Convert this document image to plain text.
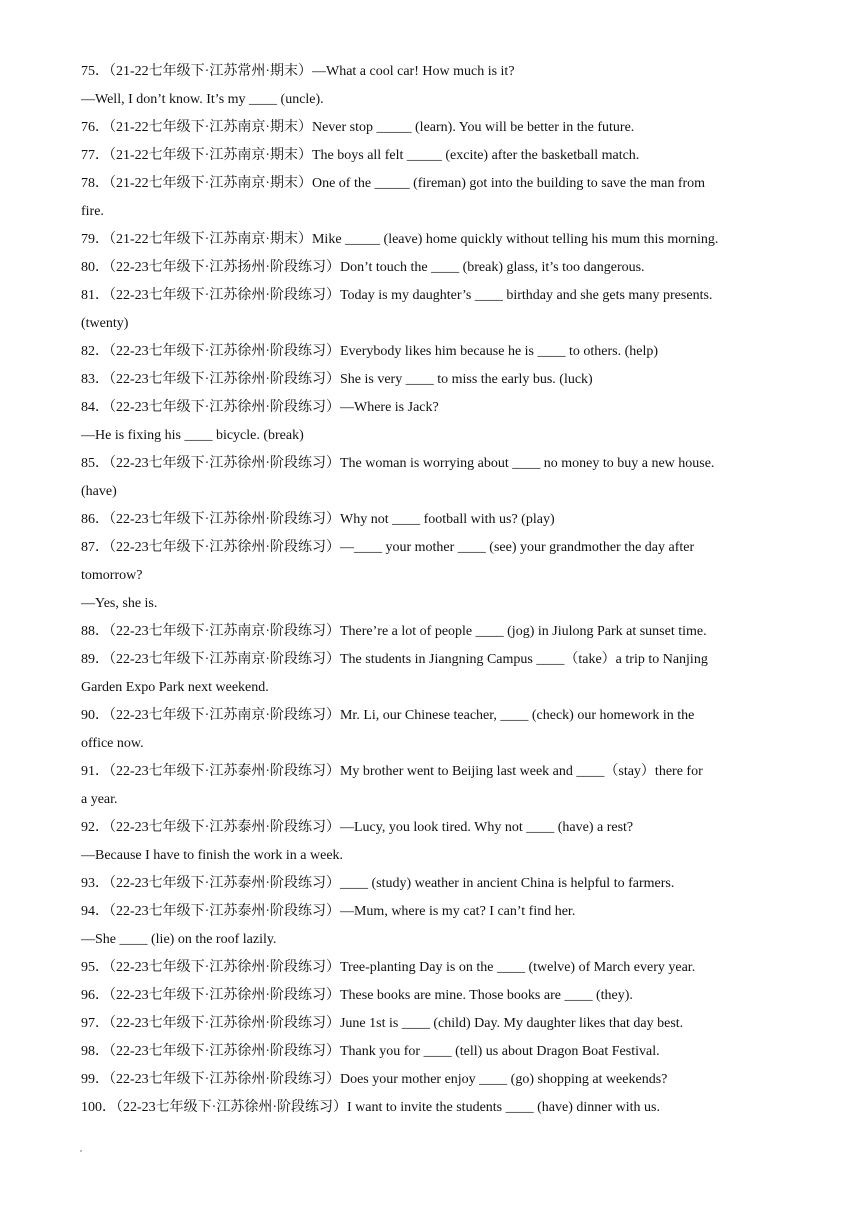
75．（21-22七年级下·江苏常州·期末）—What a cool car! How much is it?
—Well, I don’t know. It’s my ____ (uncle).
76．（21-22七年级下·江苏南京·期末）Never stop _____ (learn). You will be better in the future.
77．（21-22七年级下·江苏南京·期末）The boys all felt _____ (excite) after the basketball match.
78．（21-22七年级下·江苏南京·期末）One of the _____ (fireman) got into the building to save the man from
fire.
79．（21-22七年级下·江苏南京·期末）Mike _____ (leave) home quickly without telling his mum this morning.
80．（22-23七年级下·江苏扬州·阶段练习）Don’t touch the ____ (break) glass, it’s too dangerous.
81．（22-23七年级下·江苏徐州·阶段练习）Today is my daughter’s ____ birthday and she gets many presents.
(twenty)
82．（22-23七年级下·江苏徐州·阶段练习）Everybody likes him because he is ____ to others. (help)
83．（22-23七年级下·江苏徐州·阶段练习）She is very ____ to miss the early bus. (luck)
84．（22-23七年级下·江苏徐州·阶段练习）—Where is Jack?
—He is fixing his ____ bicycle. (break)
85．（22-23七年级下·江苏徐州·阶段练习）The woman is worrying about ____ no money to buy a new house.
(have)
86．（22-23七年级下·江苏徐州·阶段练习）Why not ____ football with us? (play)
87．（22-23七年级下·江苏徐州·阶段练习）—____ your mother ____ (see) your grandmother the day after
tomorrow?
—Yes, she is.
88．（22-23七年级下·江苏南京·阶段练习）There’re a lot of people ____ (jog) in Jiulong Park at sunset time.
89．（22-23七年级下·江苏南京·阶段练习）The students in Jiangning Campus ____（take）a trip to Nanjing
Garden Expo Park next weekend.
90．（22-23七年级下·江苏南京·阶段练习）Mr. Li, our Chinese teacher, ____ (check) our homework in the
office now.
91．（22-23七年级下·江苏泰州·阶段练习）My brother went to Beijing last week and ____（stay）there for
a year.
92．（22-23七年级下·江苏泰州·阶段练习）—Lucy, you look tired. Why not ____ (have) a rest?
—Because I have to finish the work in a week.
93．（22-23七年级下·江苏泰州·阶段练习）____ (study) weather in ancient China is helpful to farmers.
94．（22-23七年级下·江苏泰州·阶段练习）—Mum, where is my cat? I can’t find her.
—She ____ (lie) on the roof lazily.
95．（22-23七年级下·江苏徐州·阶段练习）Tree-planting Day is on the ____ (twelve) of March every year.
96．（22-23七年级下·江苏徐州·阶段练习）These books are mine. Those books are ____ (they).
97．（22-23七年级下·江苏徐州·阶段练习）June 1st is ____ (child) Day. My daughter likes that day best.
98．（22-23七年级下·江苏徐州·阶段练习）Thank you for ____ (tell) us about Dragon Boat Festival.
99．（22-23七年级下·江苏徐州·阶段练习）Does your mother enjoy ____ (go) shopping at weekends?
100．（22-23七年级下·江苏徐州·阶段练习）I want to invite the students ____ (have) dinner with us.
